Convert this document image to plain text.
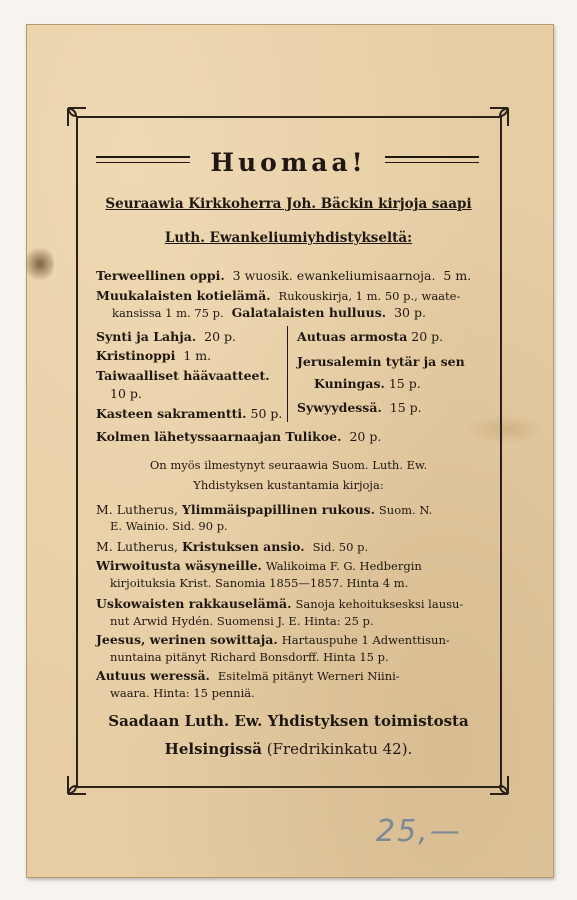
Huomaa!
Seuraawia Kirkkoherra Joh. Bäckin kirjoja saapi
Luth. Ewankeliumiyhdistykseltä:
Terweellinen oppi. 3 wuosik. ewankeliumisaarnoja. 5 m.
Muukalaisten kotielämä. Rukouskirja, 1 m. 50 p., waate-
kansissa 1 m. 75 p. Galatalaisten hulluus. 30 p.
Synti ja Lahja. 20 p.
Kristinoppi 1 m.
Taiwaalliset häävaatteet.
10 p.
Kasteen sakramentti. 50 p.
Autuas armosta 20 p.
Jerusalemin tytär ja sen
Kuningas. 15 p.
Sywyydessä. 15 p.
Kolmen lähetyssaarnaajan Tulikoe. 20 p.
On myös ilmestynyt seuraawia Suom. Luth. Ew.
Yhdistyksen kustantamia kirjoja:
M. Lutherus, Ylimmäispapillinen rukous. Suom. N.
E. Wainio. Sid. 90 p.
M. Lutherus, Kristuksen ansio. Sid. 50 p.
Wirwoitusta wäsyneille. Walikoima F. G. Hedbergin
kirjoituksia Krist. Sanomia 1855—1857. Hinta 4 m.
Uskowaisten rakkauselämä. Sanoja kehoituksesksi lausu-
nut Arwid Hydén. Suomensi J. E. Hinta: 25 p.
Jeesus, werinen sowittaja. Hartauspuhe 1 Adwenttisun-
nuntaina pitänyt Richard Bonsdorff. Hinta 15 p.
Autuus weressä. Esitelmä pitänyt Werneri Niini-
waara. Hinta: 15 penniä.
Saadaan Luth. Ew. Yhdistyksen toimistosta
Helsingissä (Fredrikinkatu 42).
25,—
